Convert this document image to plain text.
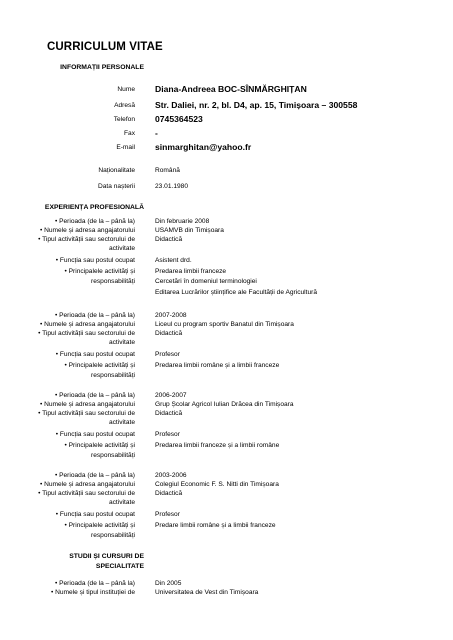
CURRICULUM VITAE
INFORMAȚII PERSONALE
Nume Diana-Andreea BOC-SÎNMĂRGHIȚAN
Adresă Str. Daliei, nr. 2, bl. D4, ap. 15, Timișoara – 300558
Telefon 0745364523
Fax -
E-mail sinmarghitan@yahoo.fr
Naționalitate	Română
Data nașterii	23.01.1980
EXPERIENȚA PROFESIONALĂ
• Perioada (de la – până la)	Din februarie 2008
• Numele și adresa angajatorului	USAMVB din Timișoara
• Tipul activității sau sectorului de	Didactică
activitate
• Funcția sau postul ocupat	Asistent drd.
• Principalele activități și	Predarea limbii franceze
responsabilități	Cercetări în domeniul terminologiei
Editarea Lucrărilor științifice ale Facultății de Agricultură
• Perioada (de la – până la)	2007-2008
• Numele și adresa angajatorului	Liceul cu program sportiv Banatul din Timișoara
• Tipul activității sau sectorului de	Didactică
activitate
• Funcția sau postul ocupat	Profesor
• Principalele activități și	Predarea limbii române și a limbii franceze
responsabilități
• Perioada (de la – până la)	2006-2007
• Numele și adresa angajatorului	Grup Școlar Agricol Iulian Drăcea din Timișoara
• Tipul activității sau sectorului de	Didactică
activitate
• Funcția sau postul ocupat	Profesor
• Principalele activități și	Predarea limbii franceze și a limbii române
responsabilități
• Perioada (de la – până la)	2003-2006
• Numele și adresa angajatorului	Colegiul Economic F. S. Nitti din Timișoara
• Tipul activității sau sectorului de	Didactică
activitate
• Funcția sau postul ocupat	Profesor
• Principalele activități și	Predare limbii române și a limbii franceze
responsabilități
STUDII ȘI CURSURI DE
SPECIALITATE
• Perioada (de la – până la)	Din 2005
• Numele și tipul instituției de	Universitatea de Vest din Timișoara
